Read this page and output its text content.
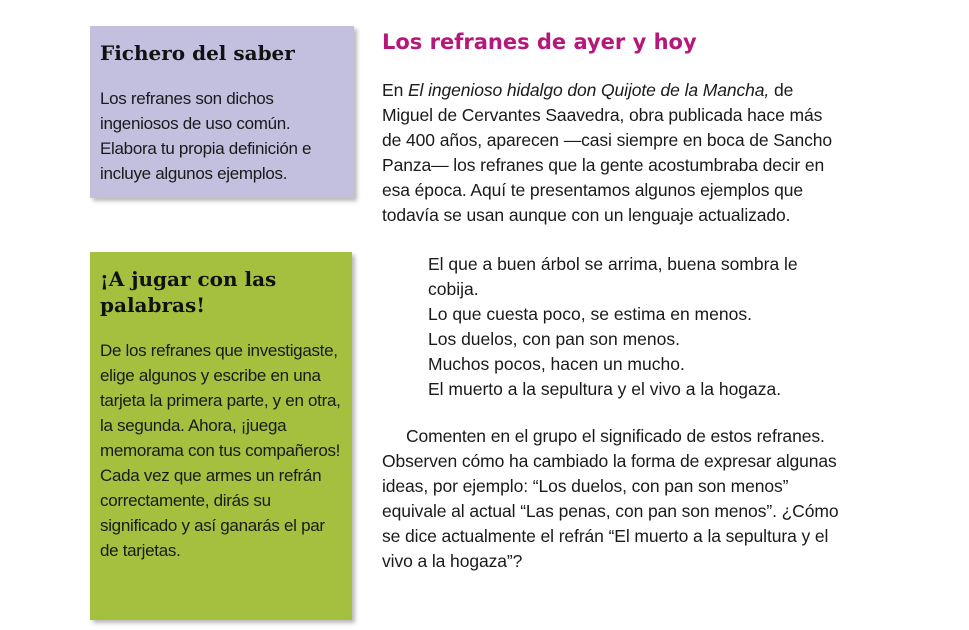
Fichero del saber

Los refranes son dichos ingeniosos de uso común. Elabora tu propia definición e incluye algunos ejemplos.

¡A jugar con las palabras!

De los refranes que investigaste, elige algunos y escribe en una tarjeta la primera parte, y en otra, la segunda. Ahora, ¡juega memorama con tus compañeros! Cada vez que armes un refrán correctamente, dirás su significado y así ganarás el par de tarjetas.

Los refranes de ayer y hoy

En El ingenioso hidalgo don Quijote de la Mancha, de Miguel de Cervantes Saavedra, obra publicada hace más de 400 años, aparecen —casi siempre en boca de Sancho Panza— los refranes que la gente acostumbraba decir en esa época. Aquí te presentamos algunos ejemplos que todavía se usan aunque con un lenguaje actualizado.

El que a buen árbol se arrima, buena sombra le cobija.
Lo que cuesta poco, se estima en menos.
Los duelos, con pan son menos.
Muchos pocos, hacen un mucho.
El muerto a la sepultura y el vivo a la hogaza.

Comenten en el grupo el significado de estos refranes. Observen cómo ha cambiado la forma de expresar algunas ideas, por ejemplo: “Los duelos, con pan son menos” equivale al actual “Las penas, con pan son menos”. ¿Cómo se dice actualmente el refrán “El muerto a la sepultura y el vivo a la hogaza”?
